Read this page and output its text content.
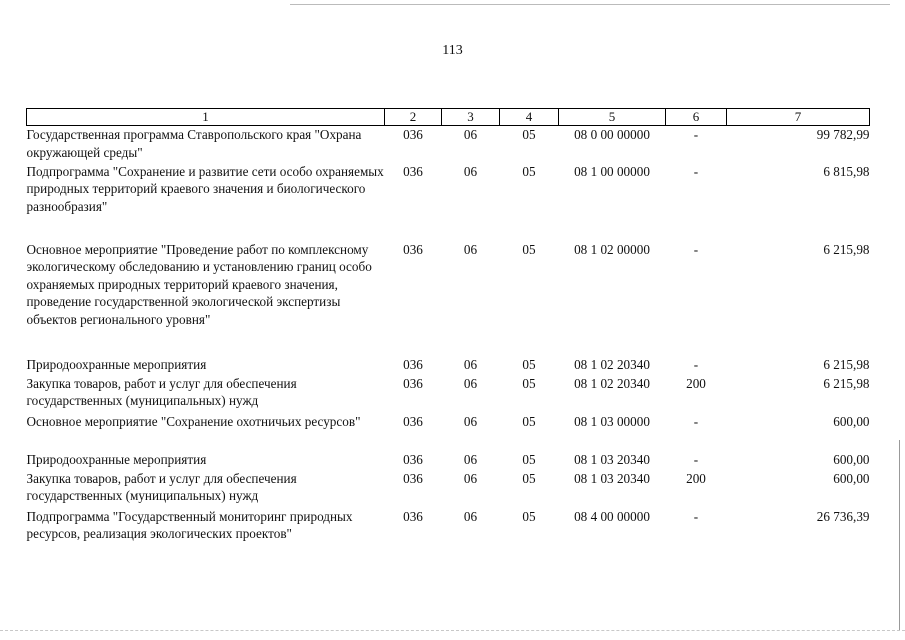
113
1	2	3	4	5	6	7
Государственная программа Ставропольского края "Охрана окружающей среды"	036	06	05	08 0 00 00000	-	99 782,99
Подпрограмма "Сохранение и развитие сети особо охраняемых природных территорий краевого значения и биологического разнообразия"	036	06	05	08 1 00 00000	-	6 815,98
Основное мероприятие "Проведение работ по комплексному экологическому обследованию и установлению границ особо охраняемых природных территорий краевого значения, проведение государственной экологической экспертизы объектов регионального уровня"	036	06	05	08 1 02 00000	-	6 215,98
Природоохранные мероприятия	036	06	05	08 1 02 20340	-	6 215,98
Закупка товаров, работ и услуг для обеспечения государственных (муниципальных) нужд	036	06	05	08 1 02 20340	200	6 215,98
Основное мероприятие "Сохранение охотничьих ресурсов"	036	06	05	08 1 03 00000	-	600,00
Природоохранные мероприятия	036	06	05	08 1 03 20340	-	600,00
Закупка товаров, работ и услуг для обеспечения государственных (муниципальных) нужд	036	06	05	08 1 03 20340	200	600,00
Подпрограмма "Государственный мониторинг природных ресурсов, реализация экологических проектов"	036	06	05	08 4 00 00000	-	26 736,39
